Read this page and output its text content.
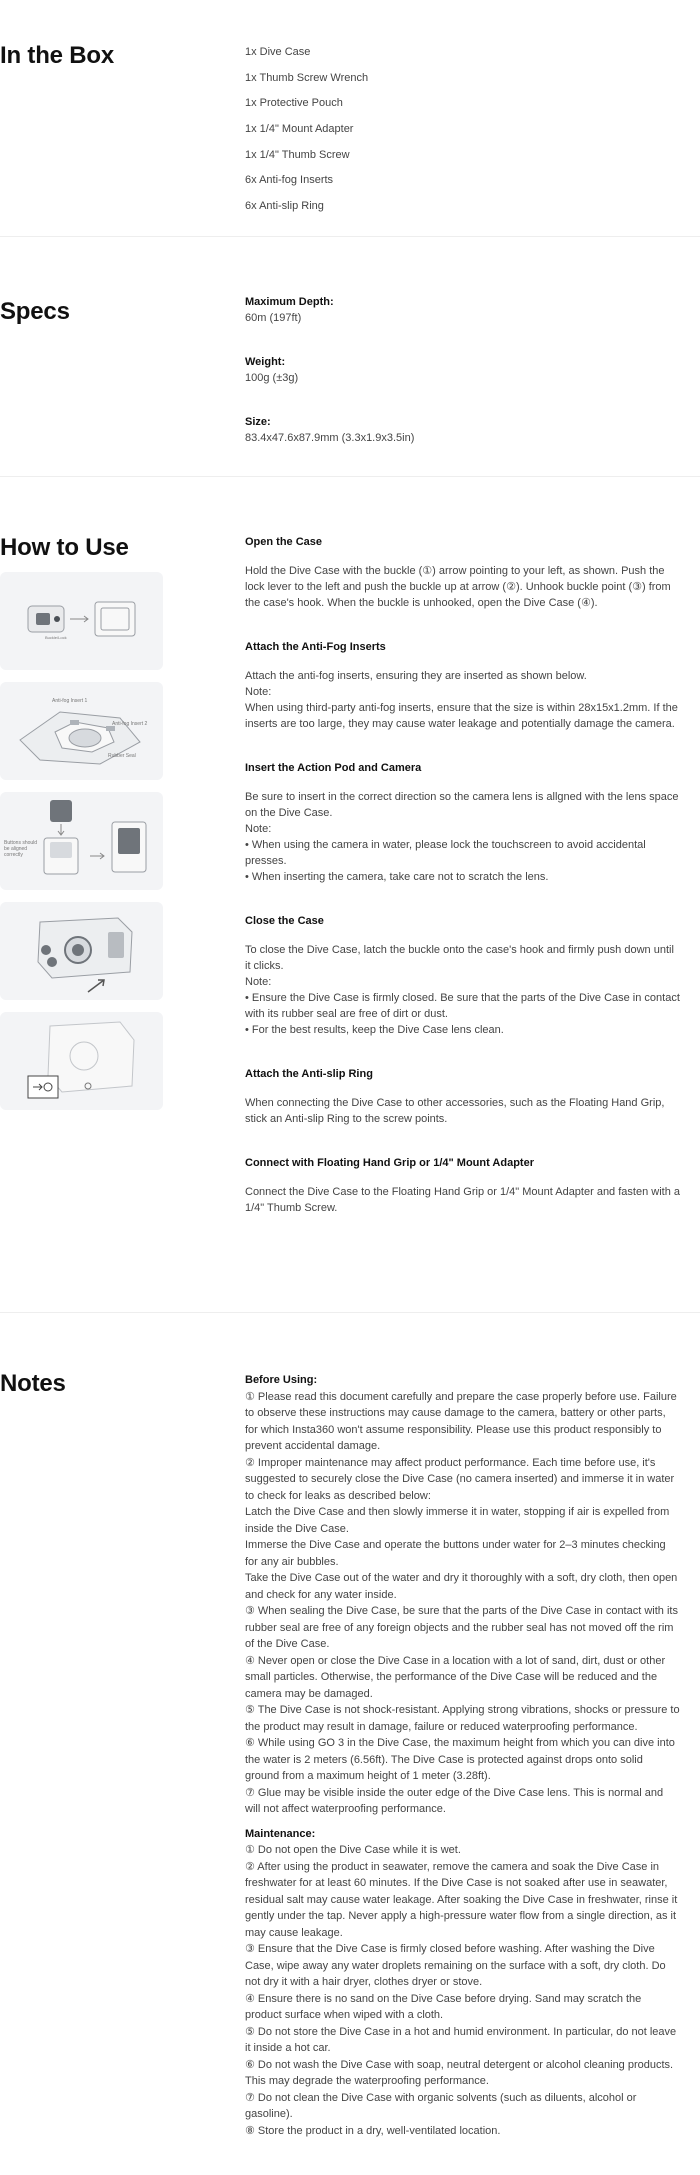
In the Box	1x Dive Case
1x Thumb Screw Wrench
1x Protective Pouch
1x 1/4" Mount Adapter
1x 1/4" Thumb Screw
6x Anti-fog Inserts
6x Anti-slip Ring
Specs	Maximum Depth:
60m (197ft)
Weight:
100g (±3g)
Size:
83.4x47.6x87.9mm (3.3x1.9x3.5in)
How to Use
Buckle/Lock
Anti-fog Insert 1
Anti-fog Insert 2
Rubber Seal
Buttons should be aligned correctly
Open the Case

Hold the Dive Case with the buckle (①) arrow pointing to your left, as shown. Push the lock lever to the left and push the buckle up at arrow (②). Unhook buckle point (③) from the case's hook. When the buckle is unhooked, open the Dive Case (④).

Attach the Anti-Fog Inserts

Attach the anti-fog inserts, ensuring they are inserted as shown below.

Note:

When using third-party anti-fog inserts, ensure that the size is within 28x15x1.2mm. If the inserts are too large, they may cause water leakage and potentially damage the camera.

Insert the Action Pod and Camera

Be sure to insert in the correct direction so the camera lens is allgned with the lens space on the Dive Case.

Note:

• When using the camera in water, please lock the touchscreen to avoid accidental presses.

• When inserting the camera, take care not to scratch the lens.

Close the Case

To close the Dive Case, latch the buckle onto the case's hook and firmly push down until it clicks.

Note:

• Ensure the Dive Case is firmly closed. Be sure that the parts of the Dive Case in contact with its rubber seal are free of dirt or dust.

• For the best results, keep the Dive Case lens clean.

Attach the Anti-slip Ring

When connecting the Dive Case to other accessories, such as the Floating Hand Grip, stick an Anti-slip Ring to the screw points.

Connect with Floating Hand Grip or 1/4" Mount Adapter

Connect the Dive Case to the Floating Hand Grip or 1/4" Mount Adapter and fasten with a 1/4" Thumb Screw.

Notes	Before Using:

① Please read this document carefully and prepare the case properly before use. Failure to observe these instructions may cause damage to the camera, battery or other parts, for which Insta360 won't assume responsibility. Please use this product responsibly to prevent accidental damage.

② Improper maintenance may affect product performance. Each time before use, it's suggested to securely close the Dive Case (no camera inserted) and immerse it in water to check for leaks as described below:

Latch the Dive Case and then slowly immerse it in water, stopping if air is expelled from inside the Dive Case.

Immerse the Dive Case and operate the buttons under water for 2–3 minutes checking for any air bubbles.

Take the Dive Case out of the water and dry it thoroughly with a soft, dry cloth, then open and check for any water inside.

③ When sealing the Dive Case, be sure that the parts of the Dive Case in contact with its rubber seal are free of any foreign objects and the rubber seal has not moved off the rim of the Dive Case.

④ Never open or close the Dive Case in a location with a lot of sand, dirt, dust or other small particles. Otherwise, the performance of the Dive Case will be reduced and the camera may be damaged.

⑤ The Dive Case is not shock-resistant. Applying strong vibrations, shocks or pressure to the product may result in damage, failure or reduced waterproofing performance.

⑥ While using GO 3 in the Dive Case, the maximum height from which you can dive into the water is 2 meters (6.56ft). The Dive Case is protected against drops onto solid ground from a maximum height of 1 meter (3.28ft).

⑦ Glue may be visible inside the outer edge of the Dive Case lens. This is normal and will not affect waterproofing performance.

Maintenance:

① Do not open the Dive Case while it is wet.

② After using the product in seawater, remove the camera and soak the Dive Case in freshwater for at least 60 minutes. If the Dive Case is not soaked after use in seawater, residual salt may cause water leakage. After soaking the Dive Case in freshwater, rinse it gently under the tap. Never apply a high-pressure water flow from a single direction, as it may cause leakage.

③ Ensure that the Dive Case is firmly closed before washing. After washing the Dive Case, wipe away any water droplets remaining on the surface with a soft, dry cloth. Do not dry it with a hair dryer, clothes dryer or stove.

④ Ensure there is no sand on the Dive Case before drying. Sand may scratch the product surface when wiped with a cloth.

⑤ Do not store the Dive Case in a hot and humid environment. In particular, do not leave it inside a hot car.

⑥ Do not wash the Dive Case with soap, neutral detergent or alcohol cleaning products. This may degrade the waterproofing performance.

⑦ Do not clean the Dive Case with organic solvents (such as diluents, alcohol or gasoline).

⑧ Store the product in a dry, well-ventilated location.
